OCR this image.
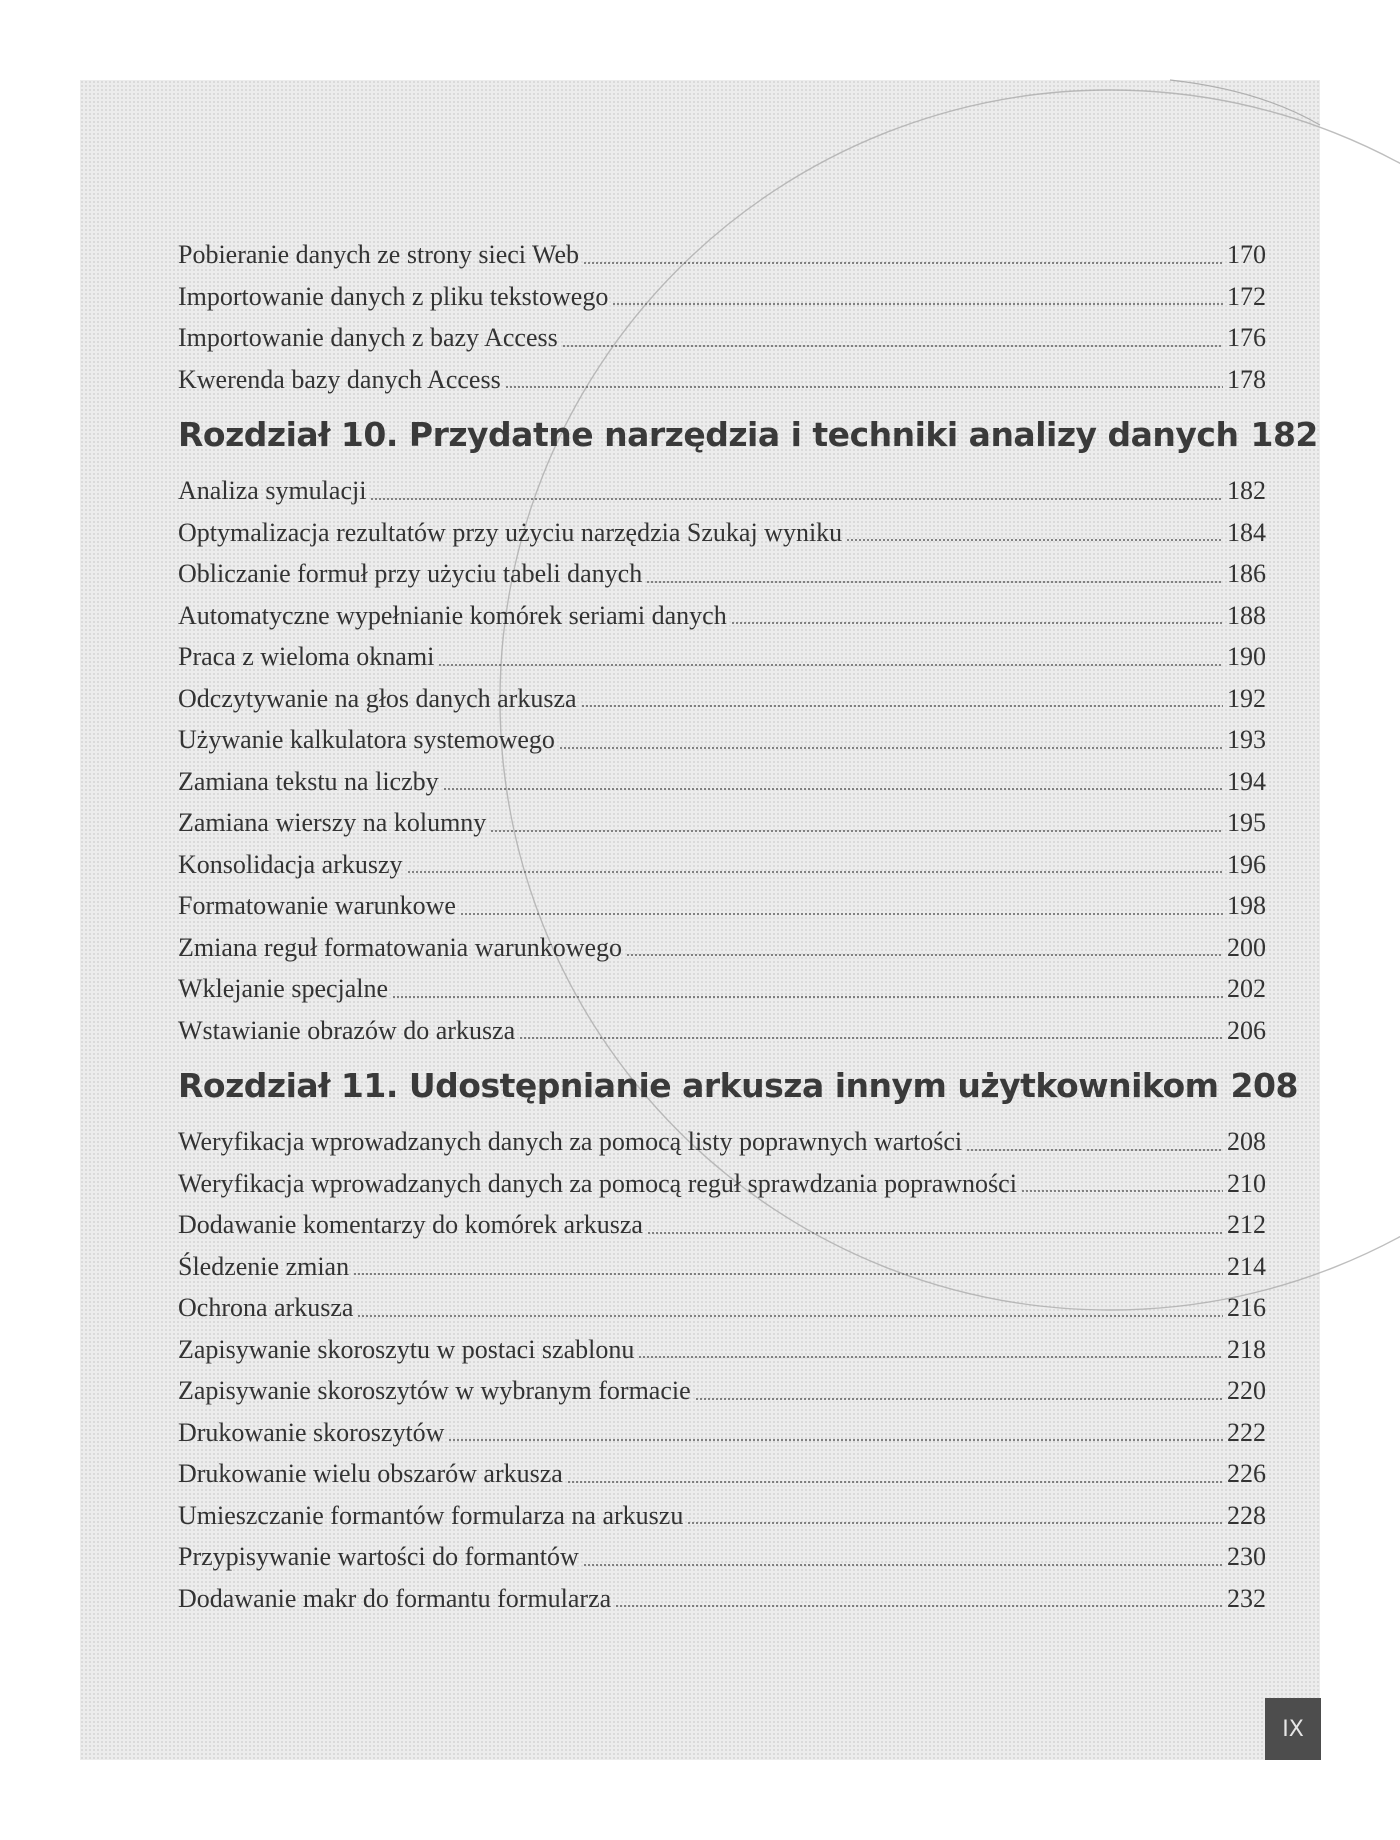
Pobieranie danych ze strony sieci Web	170
Importowanie danych z pliku tekstowego	172
Importowanie danych z bazy Access	176
Kwerenda bazy danych Access	178
Rozdział 10. Przydatne narzędzia i techniki analizy danych 182
Analiza symulacji	182
Optymalizacja rezultatów przy użyciu narzędzia Szukaj wyniku	184
Obliczanie formuł przy użyciu tabeli danych	186
Automatyczne wypełnianie komórek seriami danych	188
Praca z wieloma oknami	190
Odczytywanie na głos danych arkusza	192
Używanie kalkulatora systemowego	193
Zamiana tekstu na liczby	194
Zamiana wierszy na kolumny	195
Konsolidacja arkuszy	196
Formatowanie warunkowe	198
Zmiana reguł formatowania warunkowego	200
Wklejanie specjalne	202
Wstawianie obrazów do arkusza	206
Rozdział 11. Udostępnianie arkusza innym użytkownikom 208
Weryfikacja wprowadzanych danych za pomocą listy poprawnych wartości	208
Weryfikacja wprowadzanych danych za pomocą reguł sprawdzania poprawności	210
Dodawanie komentarzy do komórek arkusza	212
Śledzenie zmian	214
Ochrona arkusza	216
Zapisywanie skoroszytu w postaci szablonu	218
Zapisywanie skoroszytów w wybranym formacie	220
Drukowanie skoroszytów	222
Drukowanie wielu obszarów arkusza	226
Umieszczanie formantów formularza na arkuszu	228
Przypisywanie wartości do formantów	230
Dodawanie makr do formantu formularza	232
IX
